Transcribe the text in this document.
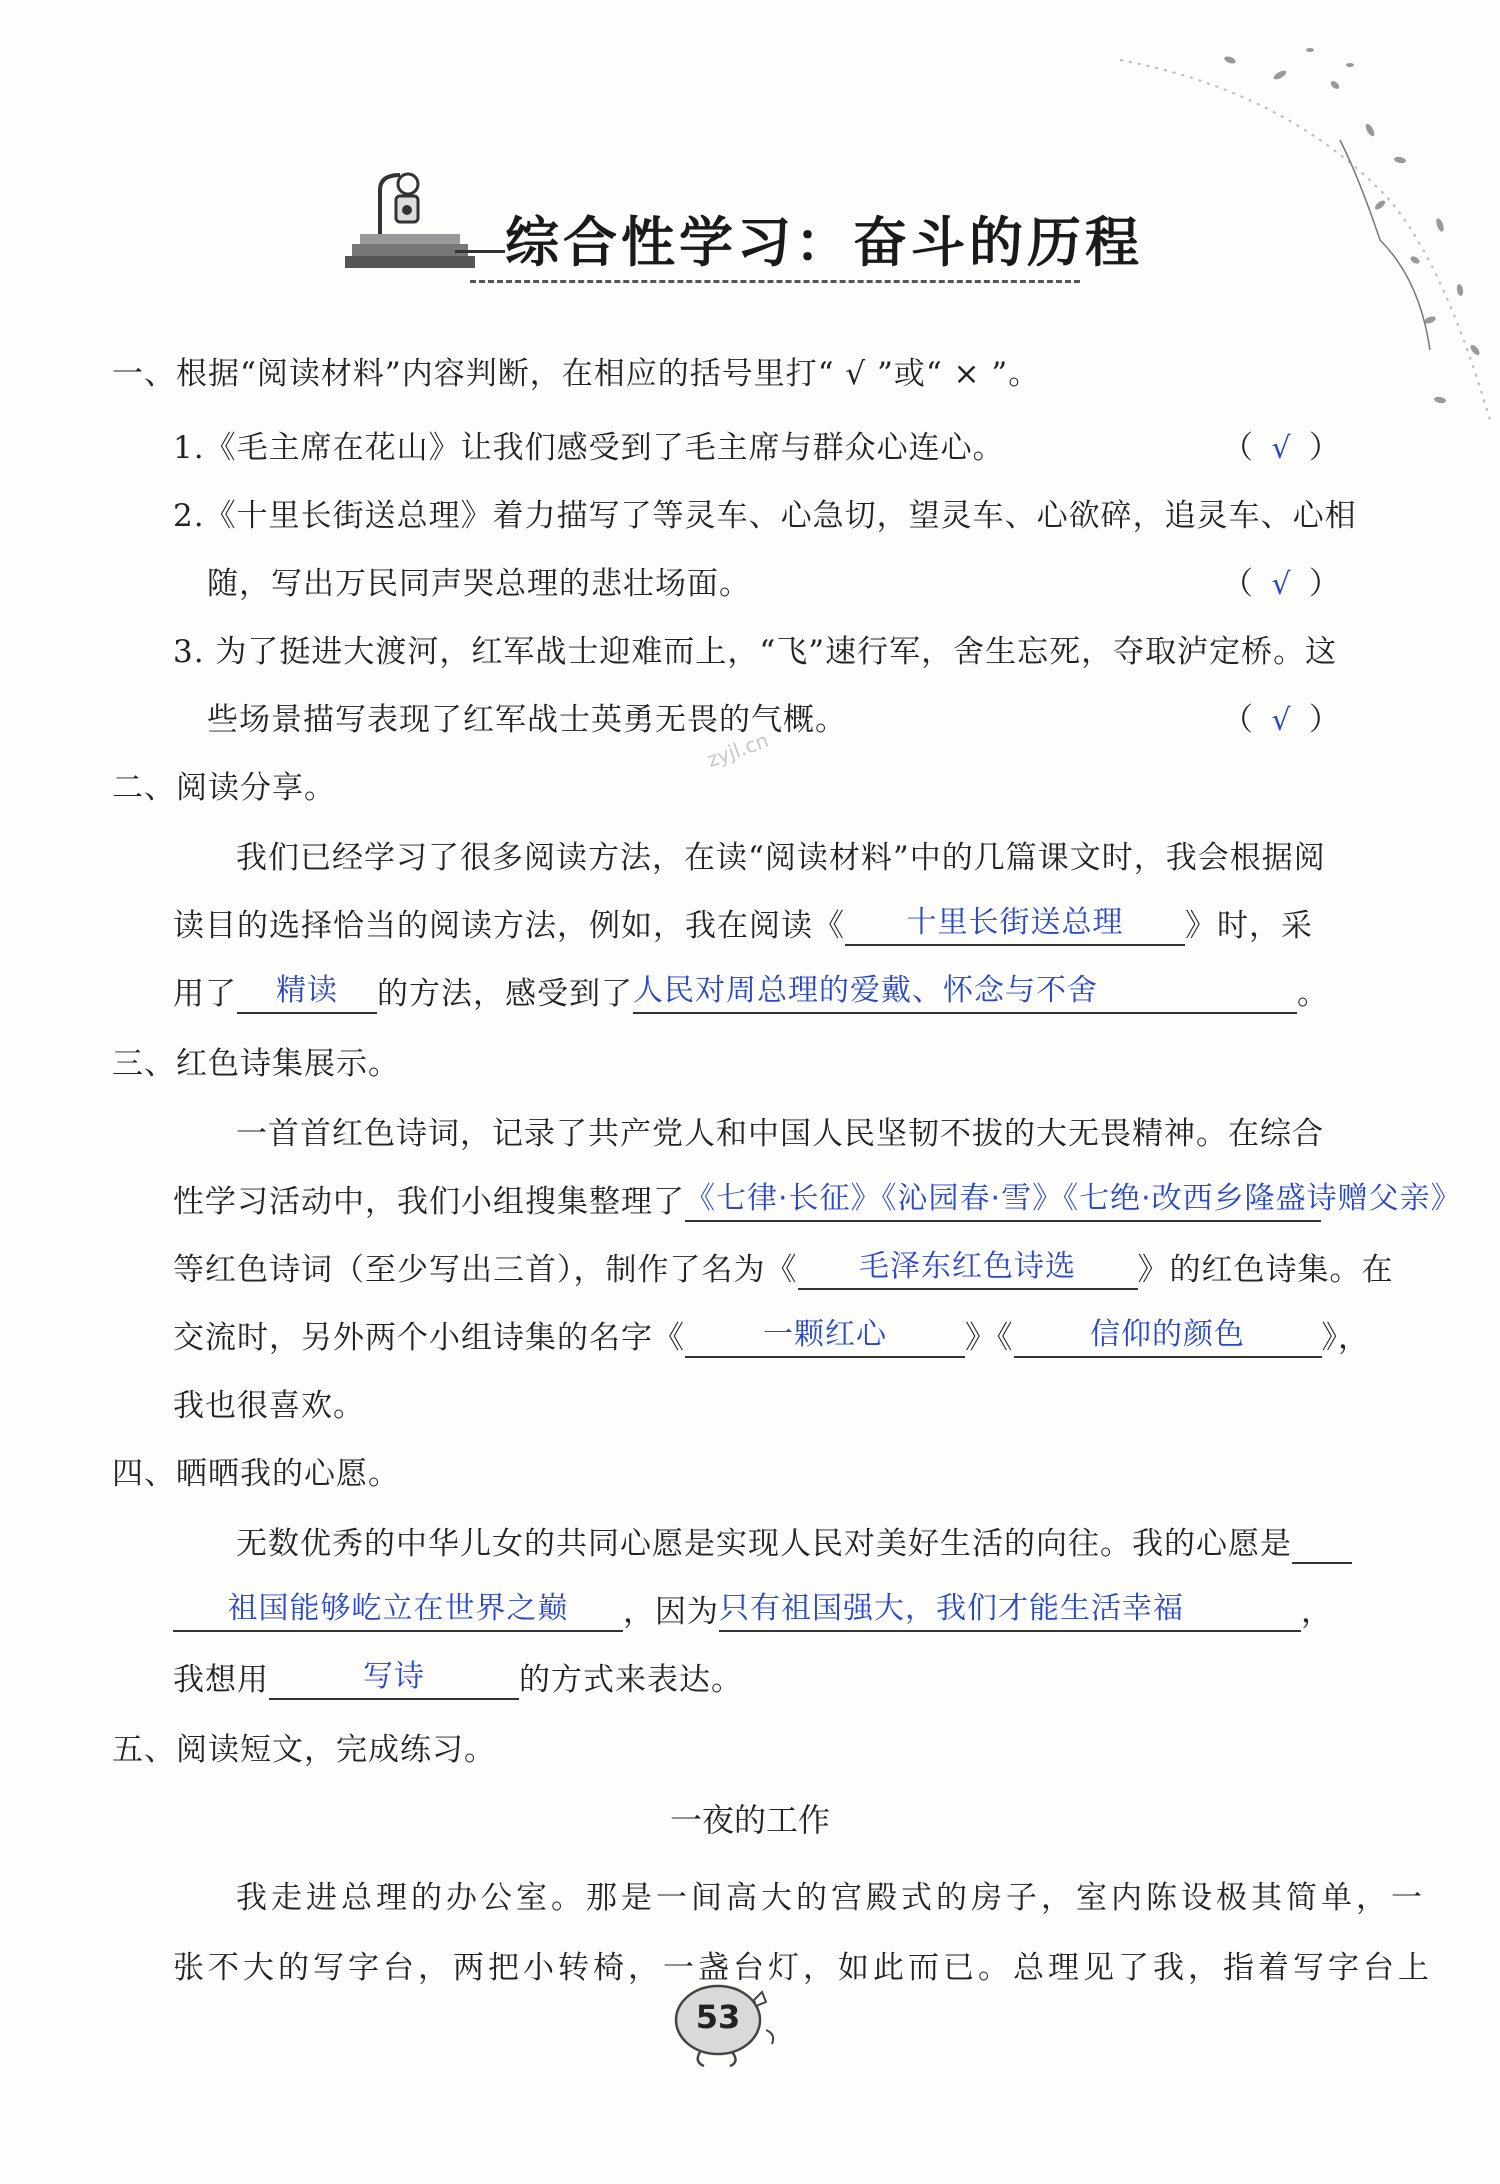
综合性学习：奋斗的历程
一、根据“阅读材料”内容判断，在相应的括号里打“ √ ”或“ × ”。
1.《毛主席在花山》让我们感受到了毛主席与群众心连心。	（ √ ）
2.《十里长街送总理》着力描写了等灵车、心急切，望灵车、心欲碎，追灵车、心相
随，写出万民同声哭总理的悲壮场面。	（ √ ）
3. 为了挺进大渡河，红军战士迎难而上，“飞”速行军，舍生忘死，夺取泸定桥。这
些场景描写表现了红军战士英勇无畏的气概。	（ √ ）
zyjl.cn
二、阅读分享。
我们已经学习了很多阅读方法，在读“阅读材料”中的几篇课文时，我会根据阅
读目的选择恰当的阅读方法，例如，我在阅读《	十里长街送总理	》时，采
用了	精读	的方法，感受到了 人民对周总理的爱戴、怀念与不舍	。
三、红色诗集展示。
一首首红色诗词，记录了共产党人和中国人民坚韧不拔的大无畏精神。在综合
性学习活动中，我们小组搜集整理了 《七律·长征》《沁园春·雪》《七绝·改西乡隆盛诗赠父亲》
等红色诗词（至少写出三首），制作了名为《	毛泽东红色诗选	》的红色诗集。在
交流时，另外两个小组诗集的名字《	一颗红心	》《	信仰的颜色	》，
我也很喜欢。
四、晒晒我的心愿。
无数优秀的中华儿女的共同心愿是实现人民对美好生活的向往。我的心愿是
祖国能够屹立在世界之巅	，因为 只有祖国强大，我们才能生活幸福	，
我想用	写诗	的方式来表达。
五、阅读短文，完成练习。
一夜的工作
我走进总理的办公室。那是一间高大的宫殿式的房子，室内陈设极其简单，一
张不大的写字台，两把小转椅，一盏台灯，如此而已。总理见了我，指着写字台上
53
